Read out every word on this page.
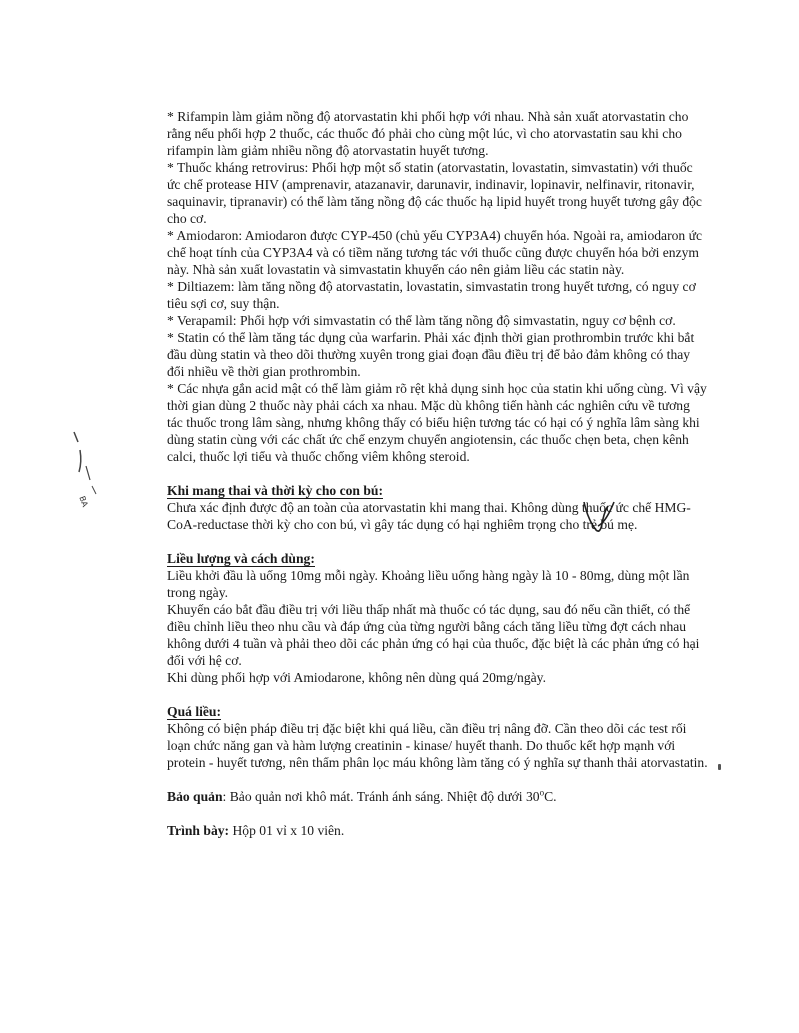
BA

* Rifampin làm giảm nồng độ atorvastatin khi phối hợp với nhau. Nhà sản xuất atorvastatin cho rằng nếu phối hợp 2 thuốc, các thuốc đó phải cho cùng một lúc, vì cho atorvastatin sau khi cho rifampin làm giảm nhiều nồng độ atorvastatin huyết tương.

* Thuốc kháng retrovirus: Phối hợp một số statin (atorvastatin, lovastatin, simvastatin) với thuốc ức chế protease HIV (amprenavir, atazanavir, darunavir, indinavir, lopinavir, nelfinavir, ritonavir, saquinavir, tipranavir) có thể làm tăng nồng độ các thuốc hạ lipid huyết trong huyết tương gây độc cho cơ.

* Amiodaron: Amiodaron được CYP-450 (chủ yếu CYP3A4) chuyển hóa. Ngoài ra, amiodaron ức chế hoạt tính của CYP3A4 và có tiềm năng tương tác với thuốc cũng được chuyển hóa bởi enzym này. Nhà sản xuất lovastatin và simvastatin khuyến cáo nên giảm liều các statin này.

* Diltiazem: làm tăng nồng độ atorvastatin, lovastatin, simvastatin trong huyết tương, có nguy cơ tiêu sợi cơ, suy thận.

* Verapamil: Phối hợp với simvastatin có thể làm tăng nồng độ simvastatin, nguy cơ bệnh cơ.

* Statin có thể làm tăng tác dụng của warfarin. Phải xác định thời gian prothrombin trước khi bắt đầu dùng statin và theo dõi thường xuyên trong giai đoạn đầu điều trị để bảo đảm không có thay đổi nhiều về thời gian prothrombin.

* Các nhựa gắn acid mật có thể làm giảm rõ rệt khả dụng sinh học của statin khi uống cùng. Vì vậy thời gian dùng 2 thuốc này phải cách xa nhau. Mặc dù không tiến hành các nghiên cứu về tương tác thuốc trong lâm sàng, nhưng không thấy có biểu hiện tương tác có hại có ý nghĩa lâm sàng khi dùng statin cùng với các chất ức chế enzym chuyển angiotensin, các thuốc chẹn beta, chẹn kênh calci, thuốc lợi tiểu và thuốc chống viêm không steroid.

Khi mang thai và thời kỳ cho con bú:

Chưa xác định được độ an toàn của atorvastatin khi mang thai. Không dùng thuốc ức chế HMG-CoA-reductase thời kỳ cho con bú, vì gây tác dụng có hại nghiêm trọng cho trẻ bú mẹ.

Liều lượng và cách dùng:

Liều khởi đầu là uống 10mg mỗi ngày. Khoảng liều uống hàng ngày là 10 - 80mg, dùng một lần trong ngày.

Khuyến cáo bắt đầu điều trị với liều thấp nhất mà thuốc có tác dụng, sau đó nếu cần thiết, có thể điều chỉnh liều theo nhu cầu và đáp ứng của từng người bằng cách tăng liều từng đợt cách nhau không dưới 4 tuần và phải theo dõi các phản ứng có hại của thuốc, đặc biệt là các phản ứng có hại đối với hệ cơ.

Khi dùng phối hợp với Amiodarone, không nên dùng quá 20mg/ngày.

Quá liều:

Không có biện pháp điều trị đặc biệt khi quá liều, cần điều trị nâng đỡ. Cần theo dõi các test rối loạn chức năng gan và hàm lượng creatinin - kinase/ huyết thanh. Do thuốc kết hợp mạnh với protein - huyết tương, nên thẩm phân lọc máu không làm tăng có ý nghĩa sự thanh thải atorvastatin.

Bảo quản: Bảo quản nơi khô mát. Tránh ánh sáng. Nhiệt độ dưới 30$^o$C.

Trình bày: Hộp 01 vỉ x 10 viên.
